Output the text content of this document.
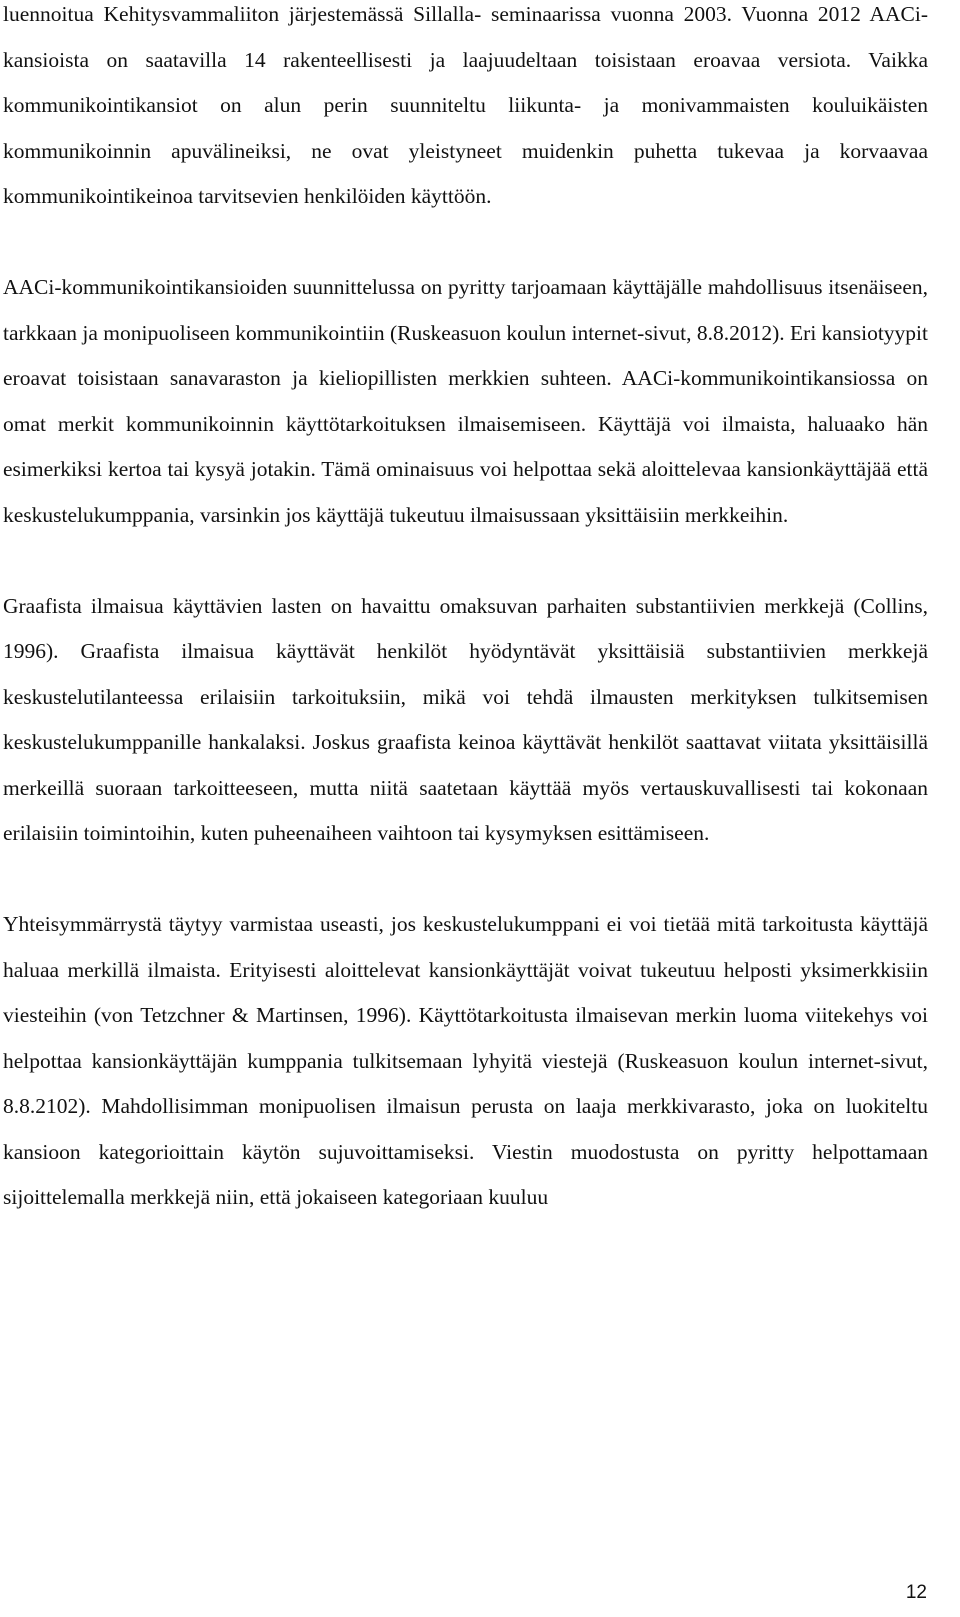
luennoitua Kehitysvammaliiton järjestemässä Sillalla- seminaarissa vuonna 2003. Vuonna 2012 AACi-kansioista on saatavilla 14 rakenteellisesti ja laajuudeltaan toisistaan eroavaa versiota. Vaikka kommunikointikansiot on alun perin suunniteltu liikunta- ja monivammaisten kouluikäisten kommunikoinnin apuvälineiksi, ne ovat yleistyneet muidenkin puhetta tukevaa ja korvaavaa kommunikointikeinoa tarvitsevien henkilöiden käyttöön.

AACi-kommunikointikansioiden suunnittelussa on pyritty tarjoamaan käyttäjälle mahdollisuus itsenäiseen, tarkkaan ja monipuoliseen kommunikointiin (Ruskeasuon koulun internet-sivut, 8.8.2012). Eri kansiotyypit eroavat toisistaan sanavaraston ja kieliopillisten merkkien suhteen. AACi-kommunikointikansiossa on omat merkit kommunikoinnin käyttötarkoituksen ilmaisemiseen. Käyttäjä voi ilmaista, haluaako hän esimerkiksi kertoa tai kysyä jotakin. Tämä ominaisuus voi helpottaa sekä aloittelevaa kansionkäyttäjää että keskustelukumppania, varsinkin jos käyttäjä tukeutuu ilmaisussaan yksittäisiin merkkeihin.

Graafista ilmaisua käyttävien lasten on havaittu omaksuvan parhaiten substantiivien merkkejä (Collins, 1996). Graafista ilmaisua käyttävät henkilöt hyödyntävät yksittäisiä substantiivien merkkejä keskustelutilanteessa erilaisiin tarkoituksiin, mikä voi tehdä ilmausten merkityksen tulkitsemisen keskustelukumppanille hankalaksi. Joskus graafista keinoa käyttävät henkilöt saattavat viitata yksittäisillä merkeillä suoraan tarkoitteeseen, mutta niitä saatetaan käyttää myös vertauskuvallisesti tai kokonaan erilaisiin toimintoihin, kuten puheenaiheen vaihtoon tai kysymyksen esittämiseen.

Yhteisymmärrystä täytyy varmistaa useasti, jos keskustelukumppani ei voi tietää mitä tarkoitusta käyttäjä haluaa merkillä ilmaista. Erityisesti aloittelevat kansionkäyttäjät voivat tukeutuu helposti yksimerkkisiin viesteihin (von Tetzchner & Martinsen, 1996). Käyttötarkoitusta ilmaisevan merkin luoma viitekehys voi helpottaa kansionkäyttäjän kumppania tulkitsemaan lyhyitä viestejä (Ruskeasuon koulun internet-sivut, 8.8.2102). Mahdollisimman monipuolisen ilmaisun perusta on laaja merkkivarasto, joka on luokiteltu kansioon kategorioittain käytön sujuvoittamiseksi. Viestin muodostusta on pyritty helpottamaan sijoittelemalla merkkejä niin, että jokaiseen kategoriaan kuuluu

12
